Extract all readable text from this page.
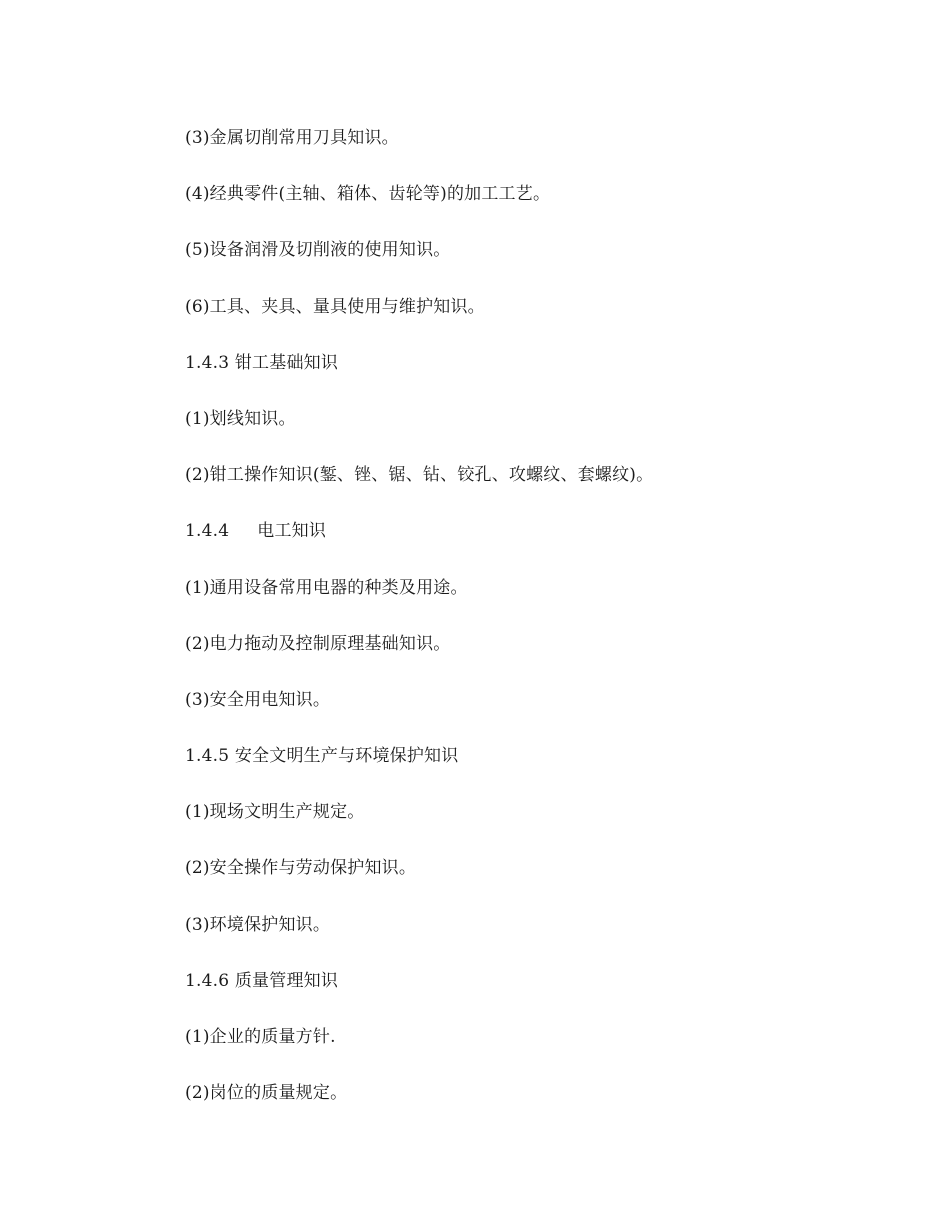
(3)金属切削常用刀具知识。
(4)经典零件(主轴、箱体、齿轮等)的加工工艺。
(5)设备润滑及切削液的使用知识。
(6)工具、夹具、量具使用与维护知识。
1.4.3 钳工基础知识
(1)划线知识。
(2)钳工操作知识(錾、锉、锯、钻、铰孔、攻螺纹、套螺纹)。
1.4.4     电工知识
(1)通用设备常用电器的种类及用途。
(2)电力拖动及控制原理基础知识。
(3)安全用电知识。
1.4.5 安全文明生产与环境保护知识
(1)现场文明生产规定。
(2)安全操作与劳动保护知识。
(3)环境保护知识。
1.4.6 质量管理知识
(1)企业的质量方针.
(2)岗位的质量规定。
